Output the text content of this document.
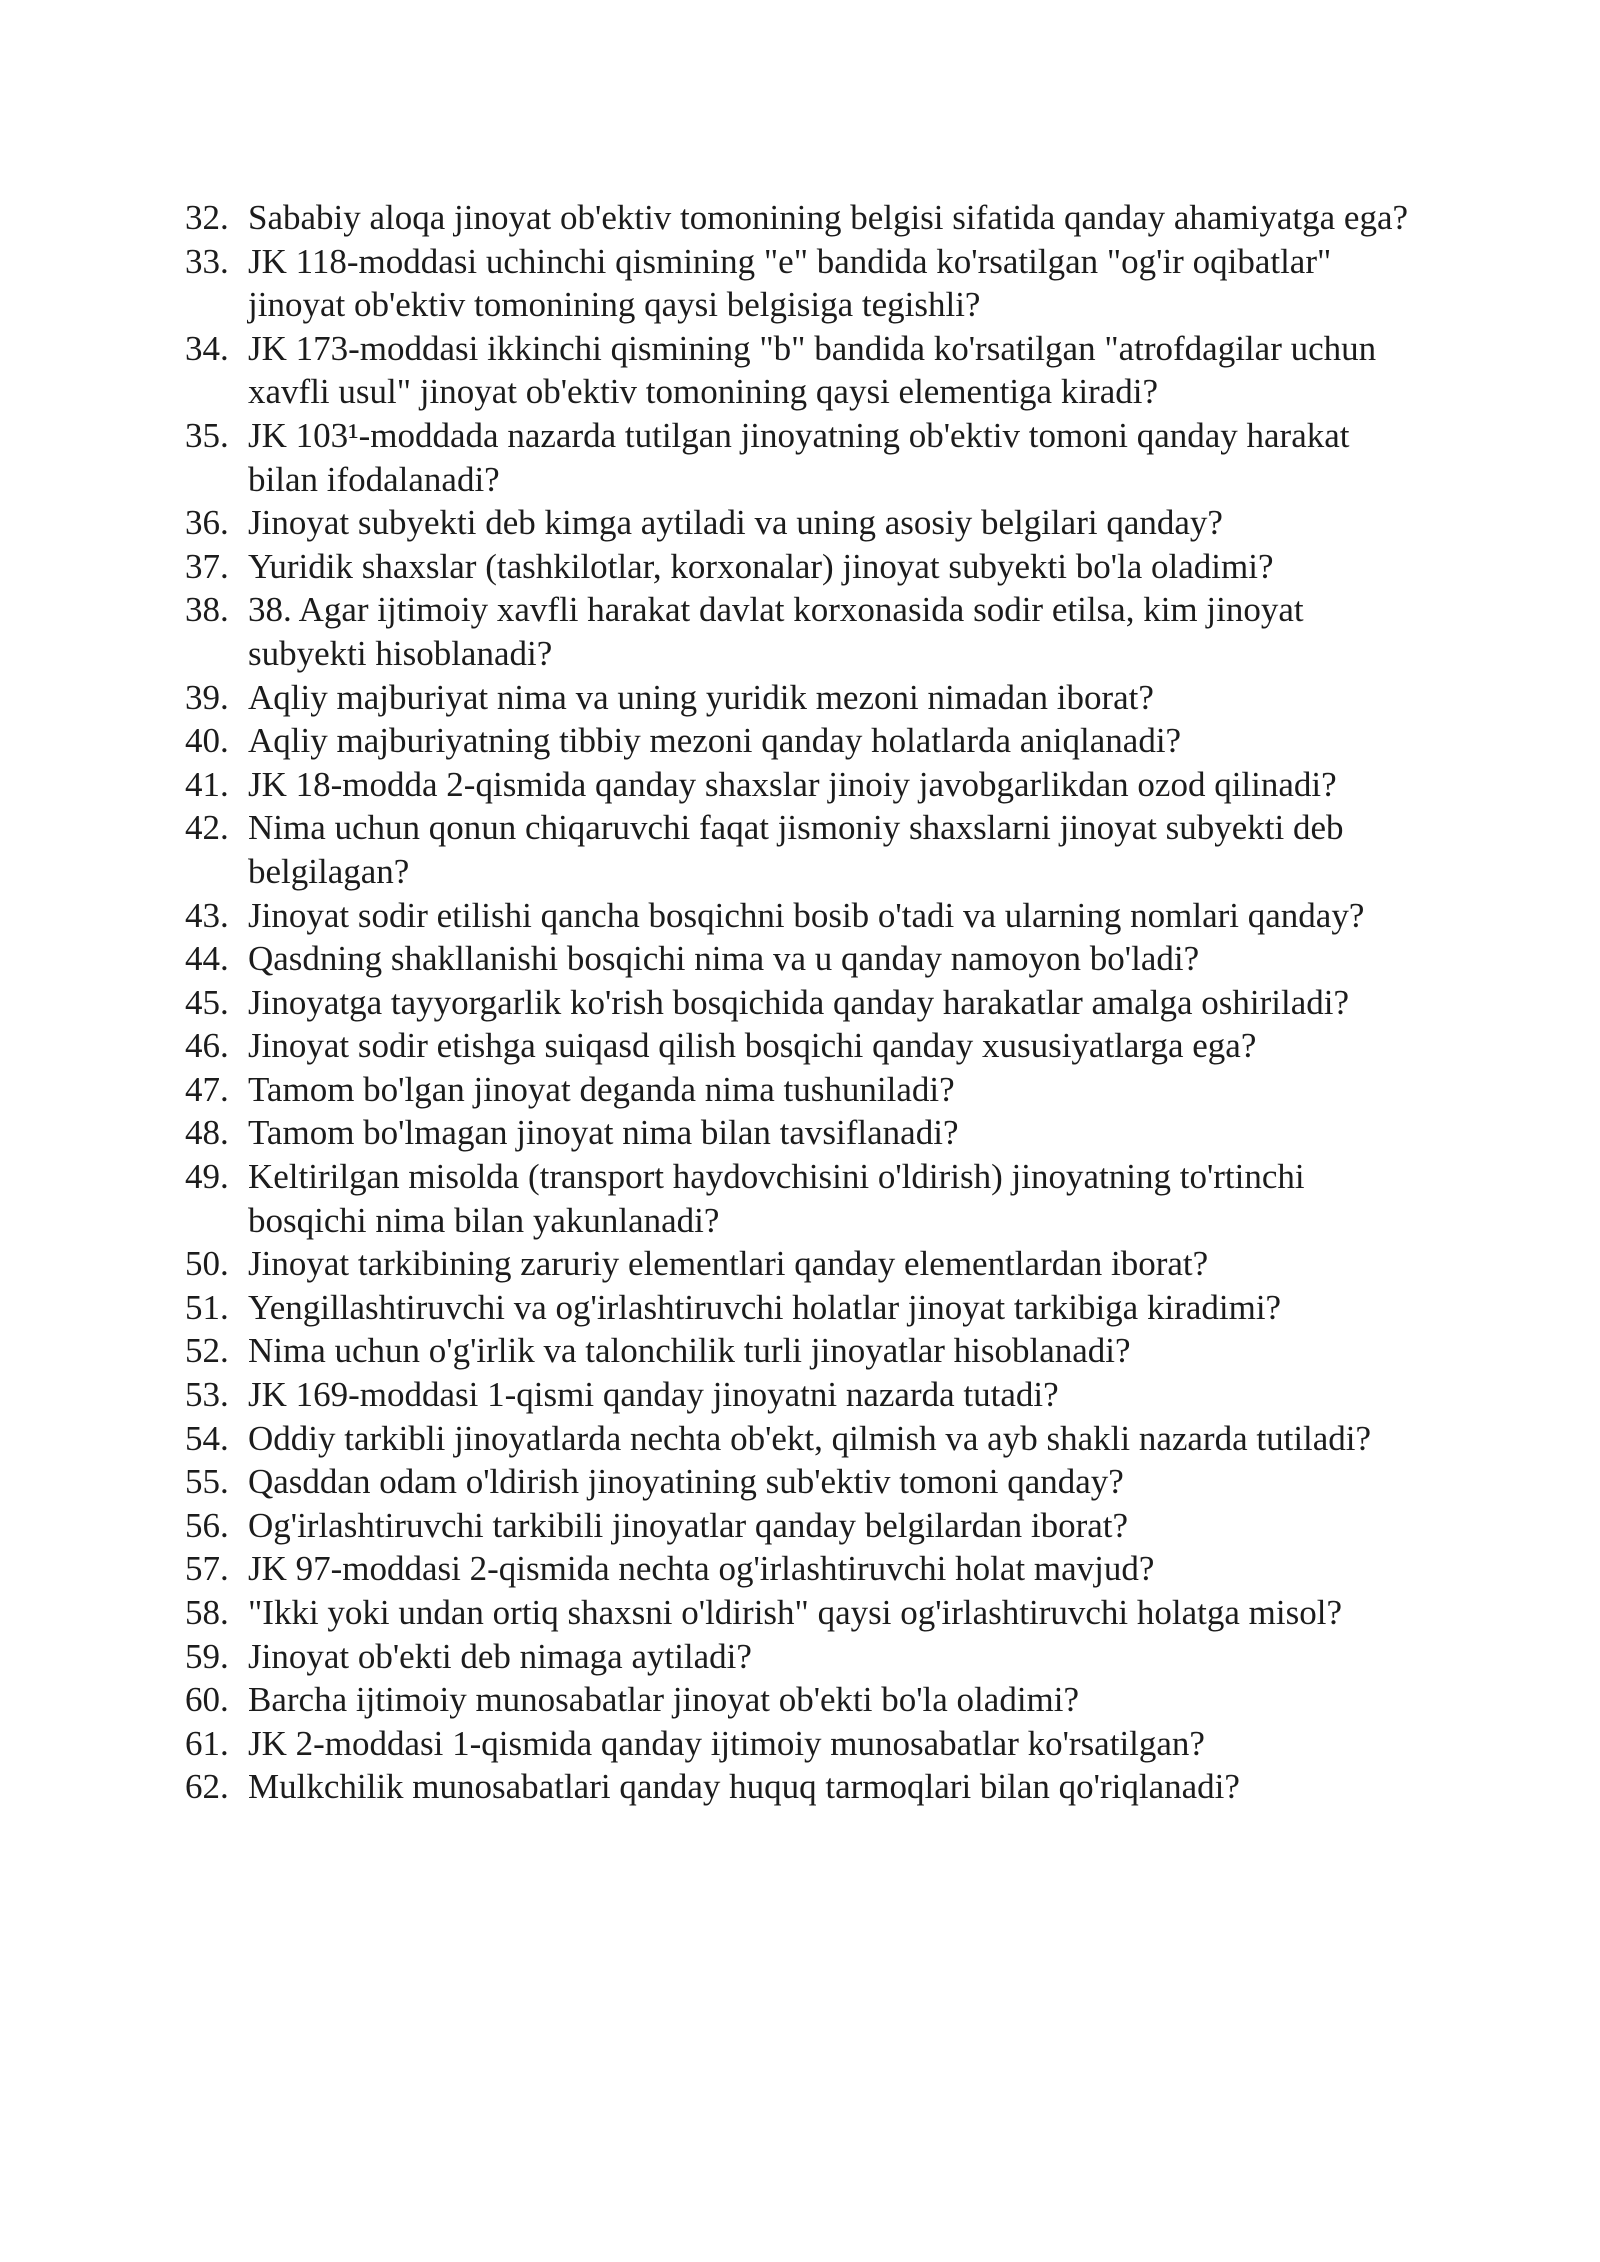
32. Sababiy aloqa jinoyat ob'ektiv tomonining belgisi sifatida qanday ahamiyatga ega?
33. JK 118-moddasi uchinchi qismining "e" bandida ko'rsatilgan "og'ir oqibatlar" jinoyat ob'ektiv tomonining qaysi belgisiga tegishli?
34. JK 173-moddasi ikkinchi qismining "b" bandida ko'rsatilgan "atrofdagilar uchun xavfli usul" jinoyat ob'ektiv tomonining qaysi elementiga kiradi?
35. JK 103¹-moddada nazarda tutilgan jinoyatning ob'ektiv tomoni qanday harakat bilan ifodalanadi?
36. Jinoyat subyekti deb kimga aytiladi va uning asosiy belgilari qanday?
37. Yuridik shaxslar (tashkilotlar, korxonalar) jinoyat subyekti bo'la oladimi?
38. 38. Agar ijtimoiy xavfli harakat davlat korxonasida sodir etilsa, kim jinoyat subyekti hisoblanadi?
39. Aqliy majburiyat nima va uning yuridik mezoni nimadan iborat?
40. Aqliy majburiyatning tibbiy mezoni qanday holatlarda aniqlanadi?
41. JK 18-modda 2-qismida qanday shaxslar jinoiy javobgarlikdan ozod qilinadi?
42. Nima uchun qonun chiqaruvchi faqat jismoniy shaxslarni jinoyat subyekti deb belgilagan?
43. Jinoyat sodir etilishi qancha bosqichni bosib o'tadi va ularning nomlari qanday?
44. Qasdning shakllanishi bosqichi nima va u qanday namoyon bo'ladi?
45. Jinoyatga tayyorgarlik ko'rish bosqichida qanday harakatlar amalga oshiriladi?
46. Jinoyat sodir etishga suiqasd qilish bosqichi qanday xususiyatlarga ega?
47. Tamom bo'lgan jinoyat deganda nima tushuniladi?
48. Tamom bo'lmagan jinoyat nima bilan tavsiflanadi?
49. Keltirilgan misolda (transport haydovchisini o'ldirish) jinoyatning to'rtinchi bosqichi nima bilan yakunlanadi?
50. Jinoyat tarkibining zaruriy elementlari qanday elementlardan iborat?
51. Yengillashtiruvchi va og'irlashtiruvchi holatlar jinoyat tarkibiga kiradimi?
52. Nima uchun o'g'irlik va talonchilik turli jinoyatlar hisoblanadi?
53. JK 169-moddasi 1-qismi qanday jinoyatni nazarda tutadi?
54. Oddiy tarkibli jinoyatlarda nechta ob'ekt, qilmish va ayb shakli nazarda tutiladi?
55. Qasddan odam o'ldirish jinoyatining sub'ektiv tomoni qanday?
56. Og'irlashtiruvchi tarkibili jinoyatlar qanday belgilardan iborat?
57. JK 97-moddasi 2-qismida nechta og'irlashtiruvchi holat mavjud?
58. "Ikki yoki undan ortiq shaxsni o'ldirish" qaysi og'irlashtiruvchi holatga misol?
59. Jinoyat ob'ekti deb nimaga aytiladi?
60. Barcha ijtimoiy munosabatlar jinoyat ob'ekti bo'la oladimi?
61. JK 2-moddasi 1-qismida qanday ijtimoiy munosabatlar ko'rsatilgan?
62. Mulkchilik munosabatlari qanday huquq tarmoqlari bilan qo'riqlanadi?
